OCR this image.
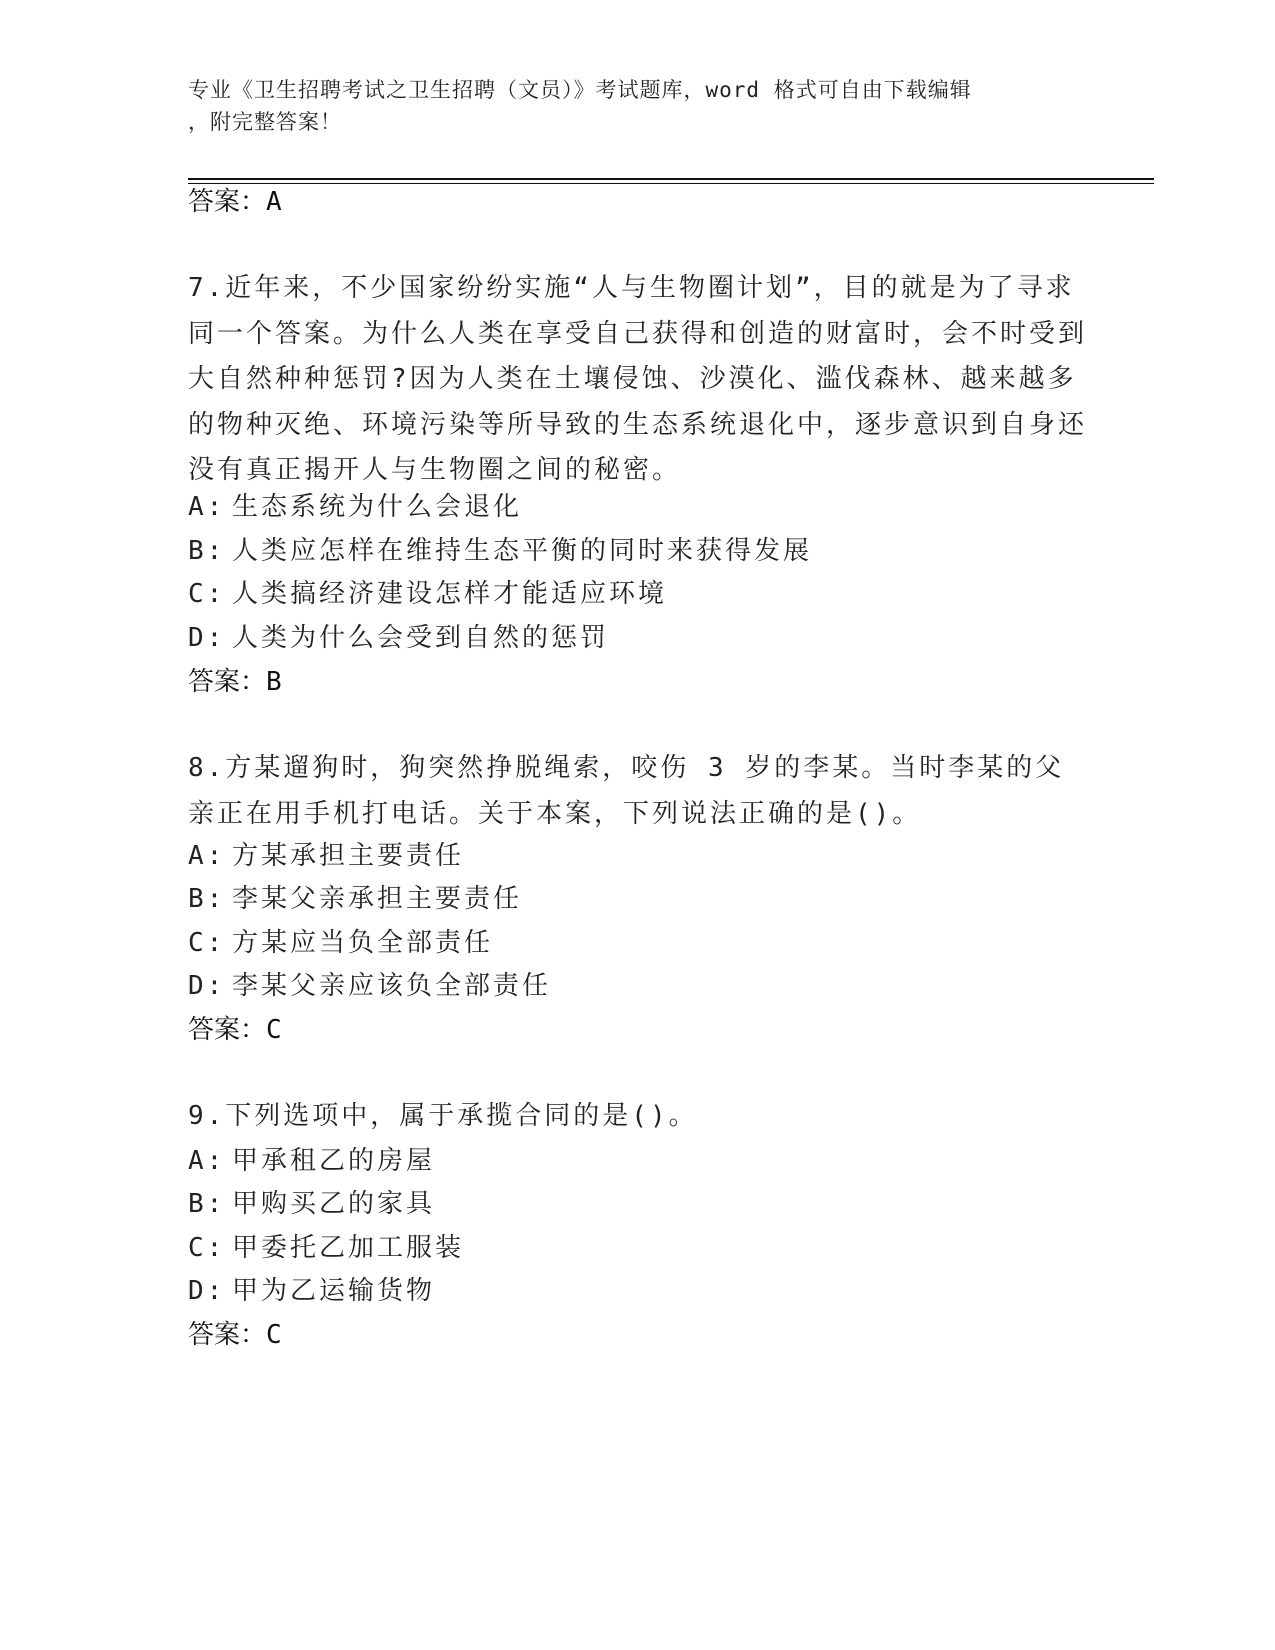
专业《卫生招聘考试之卫生招聘（文员）》考试题库，word 格式可自由下载编辑
，附完整答案！
答案：A
7.近年来，不少国家纷纷实施“人与生物圈计划”，目的就是为了寻求同一个答案。为什么人类在享受自己获得和创造的财富时，会不时受到大自然种种惩罚?因为人类在土壤侵蚀、沙漠化、滥伐森林、越来越多的物种灭绝、环境污染等所导致的生态系统退化中，逐步意识到自身还没有真正揭开人与生物圈之间的秘密。
A: 生态系统为什么会退化
B: 人类应怎样在维持生态平衡的同时来获得发展
C: 人类搞经济建设怎样才能适应环境
D: 人类为什么会受到自然的惩罚
答案：B
8.方某遛狗时，狗突然挣脱绳索，咬伤 3 岁的李某。当时李某的父亲正在用手机打电话。关于本案，下列说法正确的是()。
A: 方某承担主要责任
B: 李某父亲承担主要责任
C: 方某应当负全部责任
D: 李某父亲应该负全部责任
答案：C
9.下列选项中，属于承揽合同的是()。
A: 甲承租乙的房屋
B: 甲购买乙的家具
C: 甲委托乙加工服装
D: 甲为乙运输货物
答案：C
